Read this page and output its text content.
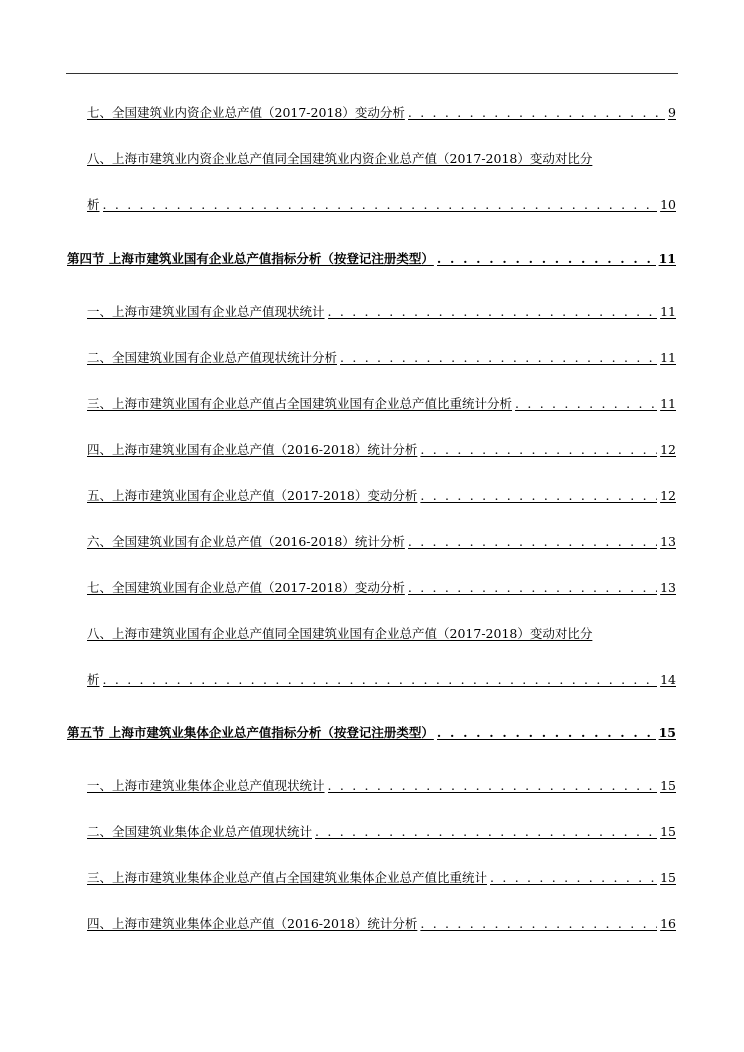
七、全国建筑业内资企业总产值（2017-2018）变动分析 . . .	9
八、上海市建筑业内资企业总产值同全国建筑业内资企业总产值（2017-2018）变动对比分
析 . . .	10
第四节 上海市建筑业国有企业总产值指标分析（按登记注册类型） . . .	11
一、上海市建筑业国有企业总产值现状统计 . . .	11
二、全国建筑业国有企业总产值现状统计分析 . . .	11
三、上海市建筑业国有企业总产值占全国建筑业国有企业总产值比重统计分析 . . .	11
四、上海市建筑业国有企业总产值（2016-2018）统计分析 . . .	12
五、上海市建筑业国有企业总产值（2017-2018）变动分析 . . .	12
六、全国建筑业国有企业总产值（2016-2018）统计分析 . . .	13
七、全国建筑业国有企业总产值（2017-2018）变动分析 . . .	13
八、上海市建筑业国有企业总产值同全国建筑业国有企业总产值（2017-2018）变动对比分
析 . . .	14
第五节 上海市建筑业集体企业总产值指标分析（按登记注册类型） . . .	15
一、上海市建筑业集体企业总产值现状统计 . . .	15
二、全国建筑业集体企业总产值现状统计 . . .	15
三、上海市建筑业集体企业总产值占全国建筑业集体企业总产值比重统计 . . .	15
四、上海市建筑业集体企业总产值（2016-2018）统计分析 . . .	16
